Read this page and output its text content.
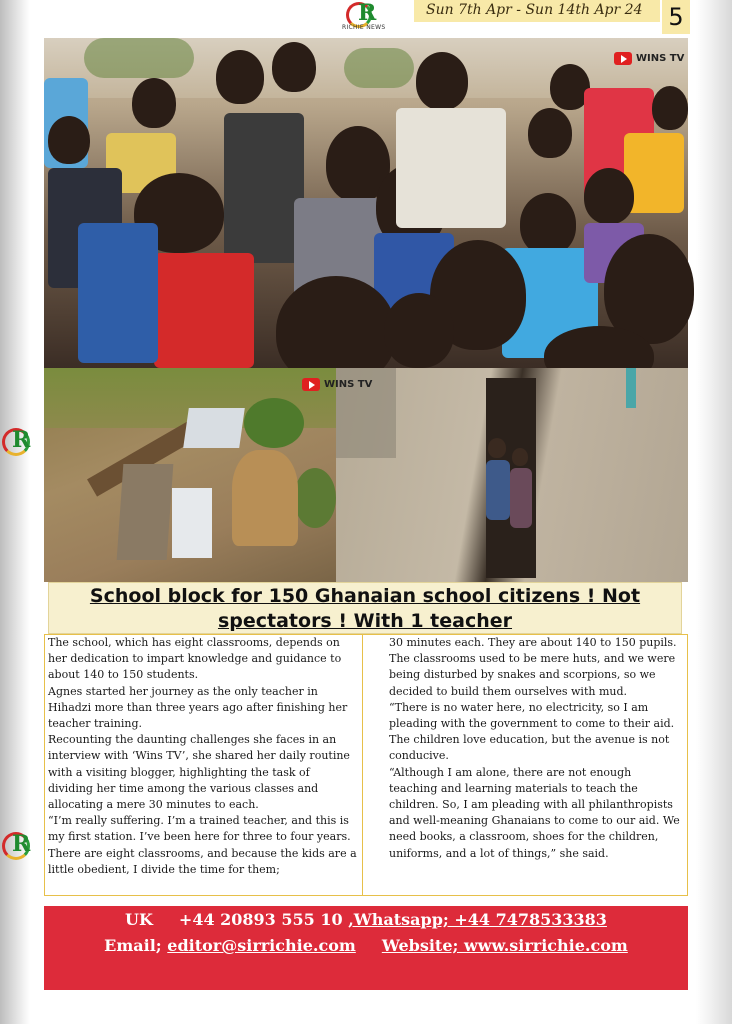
R
R
R
RICHIE NEWS
Sun 7th Apr - Sun 14th Apr 24	5
WINS TV
WINS TV
School block for 150 Ghanaian school citizens ! Not
spectators ! With 1 teacher

The school, which has eight classrooms, depends on her dedication to impart knowledge and guidance to about 140 to 150 students.

Agnes started her journey as the only teacher in Hihadzi more than three years ago after finishing her teacher training.

Recounting the daunting challenges she faces in an interview with ‘Wins TV’, she shared her daily routine with a visiting blogger, highlighting the task of dividing her time among the various classes and allocating a mere 30 minutes to each.

“I’m really suffering. I’m a trained teacher, and this is my first station. I’ve been here for three to four years. There are eight classrooms, and because the kids are a little obedient, I divide the time for them;

30 minutes each. They are about 140 to 150 pupils. The classrooms used to be mere huts, and we were being disturbed by snakes and scorpions, so we decided to build them ourselves with mud.

“There is no water here, no electricity, so I am pleading with the government to come to their aid. The children love education, but the avenue is not conducive.

“Although I am alone, there are not enough teaching and learning materials to teach the children. So, I am pleading with all philanthropists and well-meaning Ghanaians to come to our aid. We need books, a classroom, shoes for the children, uniforms, and a lot of things,” she said.

UK +44 20893 555 10 ,Whatsapp; +44 7478533383
Email; editor@sirrichie.com Website; www.sirrichie.com
